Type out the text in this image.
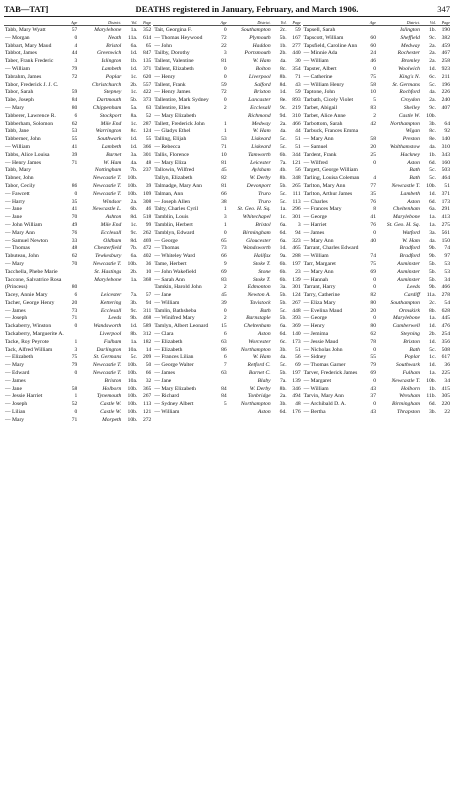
TAB—TAT]	DEATHS registered in January, February, and March 1906.	347
Age	District.	Vol.	Page
Tabb, Mary Wyatt	57	Marylebone	1a.	352
— Morgan	0	Neath	11a.	614
Tabbart, Mary Maud	4	Bristol	6a.	65
Tabbot, James	44	Greenwich	1d.	847
Taber, Frank Frederic	3	Islington	1b.	135
— William	79	Lambeth	1d.	371
Tabrahm, James	72	Poplar	1c.	620
Tabor, Frederick J. J. C.	Christchurch	2b.	557
Tabor, Sarah	59	Stepney	1c.	422
Tabe, Joseph	84	Dartmouth	5b.	373
— Mary	80	Chippenham	5a.	63
Tabberer, Lawrence R.	6	Stockport	8a.	52
Tabberham, Solomon	62	Mile End	1c.	287
Tabb, Jane	53	Warrington	8c.	124
Tabberner, John	55	Southwark	1d.	55
— William	41	Lambeth	1d.	366
Tabbs, Alice Louisa	39	Barnet	3a.	301
— Henry James	71	W. Ham	4a.	48
Tabb, Mary	Nottingham	7b.	237
Tabner, John	Newcastle T.	10b.
Tabor, Cecily	86	Newcastle T.	10b.	39
— Fawcett	0	Newcastle T.	10b.	109
— Harry	35	Windsor	2a.	308
— Jane	41	Newcastle L.	6b.	46
— Jane	70	Ashton	8d.	518
— John William	49	Mile End	1c.	99
— Mary Ann	76	Ecclesall	9c.	262
— Samuel Newton	33	Oldham	8d.	469
— Thomas	48	Chesterfield	7b.	472
Tabuteau, John	62	Tewkesbury	6a.	402
— Mary	70	Newcastle T.	10b.	36
Tacchella, Phebe Marie	St. Hastings	2b.	10
Taccone, Salvatrice Rosa	Marylebone	1a.	368
(Princess)	80
Tacey, Annie Mary	6	Leicester	7a.	57
Tacher, George Henry	20	Kettering	3b.	94
— James	73	Ecclesall	9c.	311
— Joseph	71	Leeds	9b.	468
Tackaberry, Winston	0	Wandsworth	1d.	589
Tackaberry, Marguerite A.	Liverpool	8b.	312
Tacke, Roy Peyrote	1	Fulham	1a.	182
Tack, Alfred William	3	Darlington	10a.	14
— Elizabeth	75	St. Germans	5c.	209
— Mary	79	Newcastle T.	10b.	50
— Edward	0	Newcastle T.	10b.	66
— James	Brixton	10a.	32
— Jane	58	Holborn	10b.	365
— Jessie Harriet	1	Tynemouth	10b.	267
— Joseph	52	Castle W.	10b.	113
— Lilian	0	Castle W.	10b.	121
— Mary	71	Morpeth	10b.	272
Age	District.	Vol.	Page
Tait, Georgina F.	0	Southampton	2c.	59
— Thomas Heywood	72	Plymouth	5b.	167
— John	22	Haddon	1b.	277
Tailby, Dorothy	3	Portsmouth	2b.	440
Tallent, Valentine	81	W. Ham	4a.	30
Tallent, Elizabeth	0	Bolton	8c.	354
— Henry	0	Liverpool	8b.	71
Tallent, Frank	59	Salford	8d.	43
— Henry James	72	Brixton	1d.	59
Tallentire, Mark Sydney	0	Lancaster	8e.	893
Tallentire, Ellen	2	Ecclesall	9c.	219
— Mary Elizabeth	Richmond	9d.	310
Tallett, Frederick John	1	Medway	2a.	466
— Gladys Ethel	1	W. Ham	4a.	44
Talling, Elijah	53	Liskeard	5c.	51
— Rebecca	71	Liskeard	5c.	51
Tallis, Florence	10	Tamworth	6b.	344
— Mary Eliza	81	Leicester	7a.	121
Tallowin, Wilfred	45	Aylsham	4b.	56
Tallyn, Elizabeth	82	W. Derby	8b.	348
Talmadge, Mary Ann	81	Devonport	5b.	265
Talman, Ann	66	Truro	5c.	111
— Joseph Allen	38	Truro	5c.	113
Talty, Charles Cyril	1	St. Geo. H. Sq.	1a.	296
Tamblin, Louis	3	Whitechapel	1c.	301
Tamblin, Herbert	1	Bristol	6a.	3
Tamblyn, Edward	0	Birmingham	6d.	94
— George	65	Gloucester	6a.	323
— Thomas	73	Wandsworth	1d.	465
— Whiteley Ward	66	Halifax	9a.	288
Tame, Herbert	9	Stoke T.	6b.	197
— John Wakefield	69	Stone	6b.	23
— Sarah Ann	83	Stoke T.	6b.	139
Tamkin, Harold John	2	Edmonton	3a.	301
— Jane	45	Newton A.	5b.	124
— William	39	Tavistock	5b.	267
Tamlin, Bathsheba	0	Bath	5c.	448
— Winifred Mary	2	Barnstaple	5b.	393
Tamlyn, Albert Leonard	15	Cheltenham	6a.	369
— Clara	6	Aston	6d.	140
— Elizabeth	63	Worcester	6c.	173
— Elizabeth	86	Northampton	3b.	51
— Frances Lilian	6	W. Ham	4a.	56
— George Walter	7	Retford C.	5c.	69
— James	63	Barnet C.	5b.	197
— Jane	Blaby	7a.	139
— Mary Elizabeth	84	W. Derby	8b.	346
— Richard	84	Tonbridge	2a.	494
— Sydney Albert	5	Northampton	3b.	48
— William	Aston	6d.	176
Age	District.	Vol.	Page
Tapsell, Sarah	Islington	1b.	190
Tapscott, William	60	Sheffield	9c.	382
Tapsfield, Caroline Ann	60	Medway	2a.	459
— Minnie Ada	24	Rochester	2a.	467
— William	46	Bromley	2a.	258
Tapster, Albert	0	Woolwich	1d.	923
— Catherine	75	King's N.	6c.	211
— William Henry	58	St. Germans	5c.	196
Taptone, John	10	Rochford	4a.	226
Tarbath, Cicely Violet	5	Croydon	2a.	240
Tarbet, Abigail	83	Shelley	9c.	407
Tarbet, Alice Anne	2	Castle W.	10b.
Tarbottom, Sarah	42	Northampton	3b.	64
Tarbuck, Frances Emma	Wigan	8c.	92
— Mary Ann	58	Preston	8e.	140
— Samuel	20	Walthamstow	4a.	310
Tardent, Frank	25	Hackney	1b.	343
— Wilfred	0	Aston	6d.	160
Targett, George William	Bath	5c.	503
Tarling, Louisa Coleman	4	Bath	5c.	464
Tarlton, Mary Ann	77	Newcastle T.	10b.	51
Tarlton, Arthur James	35	Lambeth	1d.	371
— Charles	76	Aston	6d.	173
— Frances Mary	8	Cheltenham	6a.	291
— George	41	Marylebone	1a.	413
— Harriet	76	St. Geo. H. Sq.	1a.	275
— James	0	Watford	3a.	561
— Mary Ann	40	W. Ham	4a.	150
Tarrant, Charles Edward	Bradford	9b.	74
— William	74	Bradford	9b.	97
Tarr, Margaret	75	Axminster	5b.	53
— Mary Ann	69	Axminster	5b.	53
— Hannah	0	Axminster	5b.	34
Tarrant, Harry	0	Leeds	9b.	466
Tarry, Catherine	82	Cardiff	11a.	278
— Eliza Mary	80	Southampton	2c.	54
— Evelina Maud	20	Ormskirk	8b.	628
— George	0	Marylebone	1a.	445
— Henry	80	Camberwell	1d.	476
— Jemima	62	Steyning	2b.	254
— Jessie Maud	78	Brixton	1d.	356
— Nicholas John	0	Bath	5c.	508
— Sidney	55	Poplar	1c.	617
— Thomas Garner	79	Southwark	1d.	36
Tarver, Frederick James	69	Fulham	1a.	225
— Margaret	0	Newcastle T.	10b.	34
— William	43	Holborn	1b.	415
Tarvin, Mary Ann	37	Wrexham	11b.	305
— Archibald D. A.	0	Birmingham	6d.	220
— Bertha	43	Thrapston	3b.	22
